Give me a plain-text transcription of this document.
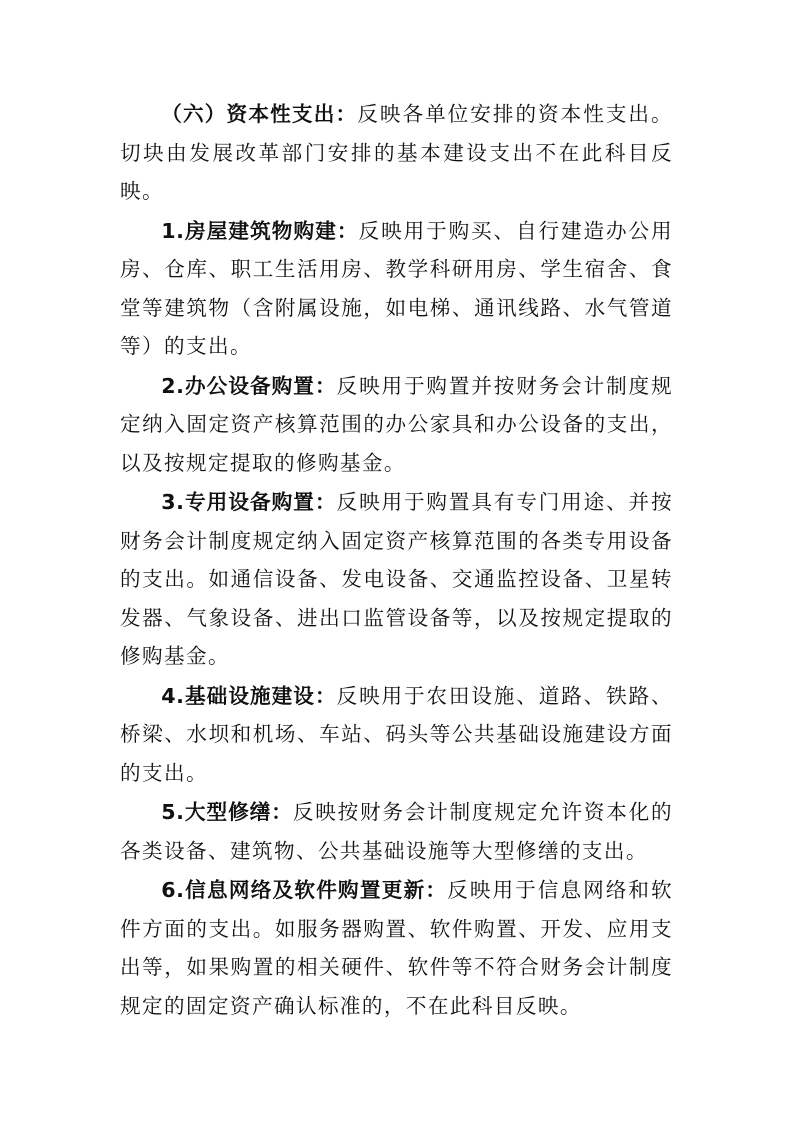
（六）资本性支出：反映各单位安排的资本性支出。切块由发展改革部门安排的基本建设支出不在此科目反映。

1.房屋建筑物购建：反映用于购买、自行建造办公用房、仓库、职工生活用房、教学科研用房、学生宿舍、食堂等建筑物（含附属设施，如电梯、通讯线路、水气管道等）的支出。

2.办公设备购置：反映用于购置并按财务会计制度规定纳入固定资产核算范围的办公家具和办公设备的支出，以及按规定提取的修购基金。

3.专用设备购置：反映用于购置具有专门用途、并按财务会计制度规定纳入固定资产核算范围的各类专用设备的支出。如通信设备、发电设备、交通监控设备、卫星转发器、气象设备、进出口监管设备等，以及按规定提取的修购基金。

4.基础设施建设：反映用于农田设施、道路、铁路、桥梁、水坝和机场、车站、码头等公共基础设施建设方面的支出。

5.大型修缮：反映按财务会计制度规定允许资本化的各类设备、建筑物、公共基础设施等大型修缮的支出。

6.信息网络及软件购置更新：反映用于信息网络和软件方面的支出。如服务器购置、软件购置、开发、应用支出等，如果购置的相关硬件、软件等不符合财务会计制度规定的固定资产确认标准的，不在此科目反映。
